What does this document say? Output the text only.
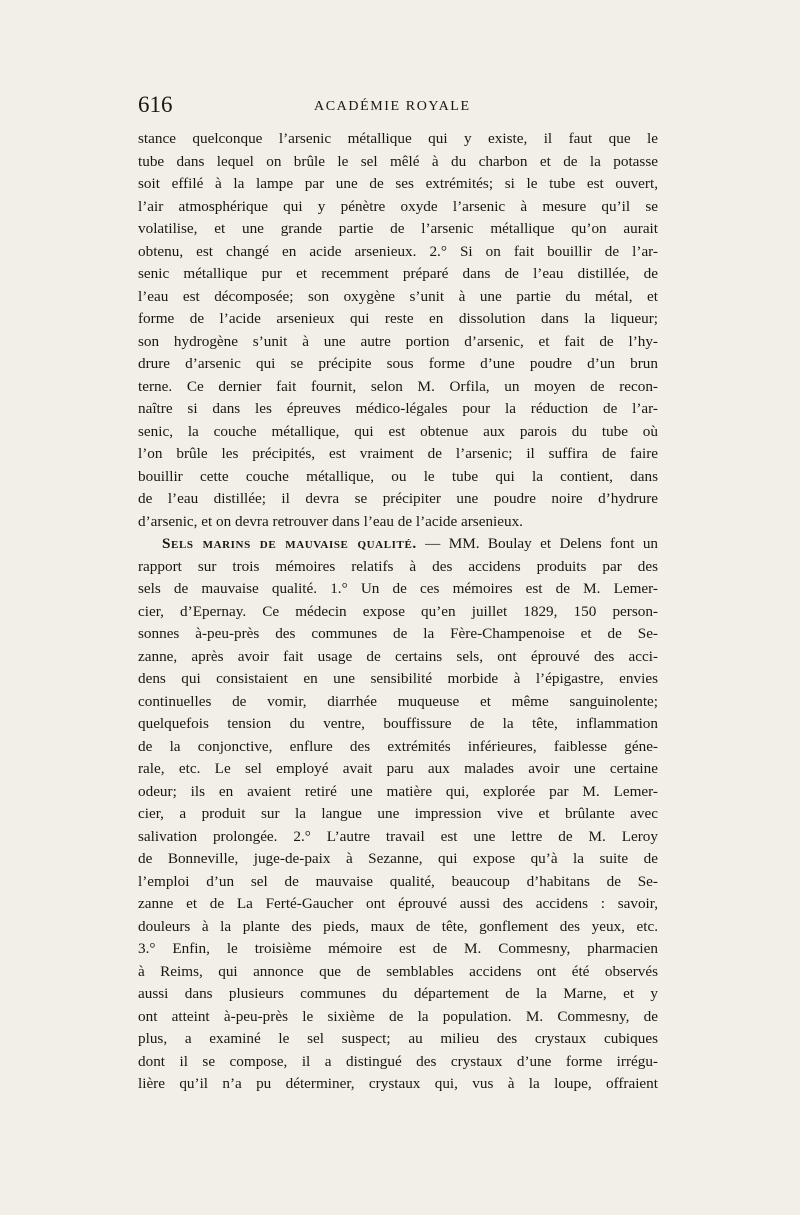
616	ACADÉMIE ROYALE
stance quelconque l’arsenic métallique qui y existe, il faut que le
tube dans lequel on brûle le sel mêlé à du charbon et de la potasse
soit effilé à la lampe par une de ses extrémités; si le tube est ouvert,
l’air atmosphérique qui y pénètre oxyde l’arsenic à mesure qu’il se
volatilise, et une grande partie de l’arsenic métallique qu’on aurait
obtenu, est changé en acide arsenieux. 2.° Si on fait bouillir de l’ar-
senic métallique pur et recemment préparé dans de l’eau distillée, de
l’eau est décomposée; son oxygène s’unit à une partie du métal, et
forme de l’acide arsenieux qui reste en dissolution dans la liqueur;
son hydrogène s’unit à une autre portion d’arsenic, et fait de l’hy-
drure d’arsenic qui se précipite sous forme d’une poudre d’un brun
terne. Ce dernier fait fournit, selon M. Orfila, un moyen de recon-
naître si dans les épreuves médico-légales pour la réduction de l’ar-
senic, la couche métallique, qui est obtenue aux parois du tube où
l’on brûle les précipités, est vraiment de l’arsenic; il suffira de faire
bouillir cette couche métallique, ou le tube qui la contient, dans
de l’eau distillée; il devra se précipiter une poudre noire d’hydrure
d’arsenic, et on devra retrouver dans l’eau de l’acide arsenieux.
Sels marins de mauvaise qualité. — MM. Boulay et Delens font un
rapport sur trois mémoires relatifs à des accidens produits par des
sels de mauvaise qualité. 1.° Un de ces mémoires est de M. Lemer-
cier, d’Epernay. Ce médecin expose qu’en juillet 1829, 150 person-
sonnes à-peu-près des communes de la Fère-Champenoise et de Se-
zanne, après avoir fait usage de certains sels, ont éprouvé des acci-
dens qui consistaient en une sensibilité morbide à l’épigastre, envies
continuelles de vomir, diarrhée muqueuse et même sanguinolente;
quelquefois tension du ventre, bouffissure de la tête, inflammation
de la conjonctive, enflure des extrémités inférieures, faiblesse géne-
rale, etc. Le sel employé avait paru aux malades avoir une certaine
odeur; ils en avaient retiré une matière qui, explorée par M. Lemer-
cier, a produit sur la langue une impression vive et brûlante avec
salivation prolongée. 2.° L’autre travail est une lettre de M. Leroy
de Bonneville, juge-de-paix à Sezanne, qui expose qu’à la suite de
l’emploi d’un sel de mauvaise qualité, beaucoup d’habitans de Se-
zanne et de La Ferté-Gaucher ont éprouvé aussi des accidens : savoir,
douleurs à la plante des pieds, maux de tête, gonflement des yeux, etc.
3.° Enfin, le troisième mémoire est de M. Commesny, pharmacien
à Reims, qui annonce que de semblables accidens ont été observés
aussi dans plusieurs communes du département de la Marne, et y
ont atteint à-peu-près le sixième de la population. M. Commesny, de
plus, a examiné le sel suspect; au milieu des crystaux cubiques
dont il se compose, il a distingué des crystaux d’une forme irrégu-
lière qu’il n’a pu déterminer, crystaux qui, vus à la loupe, offraient
